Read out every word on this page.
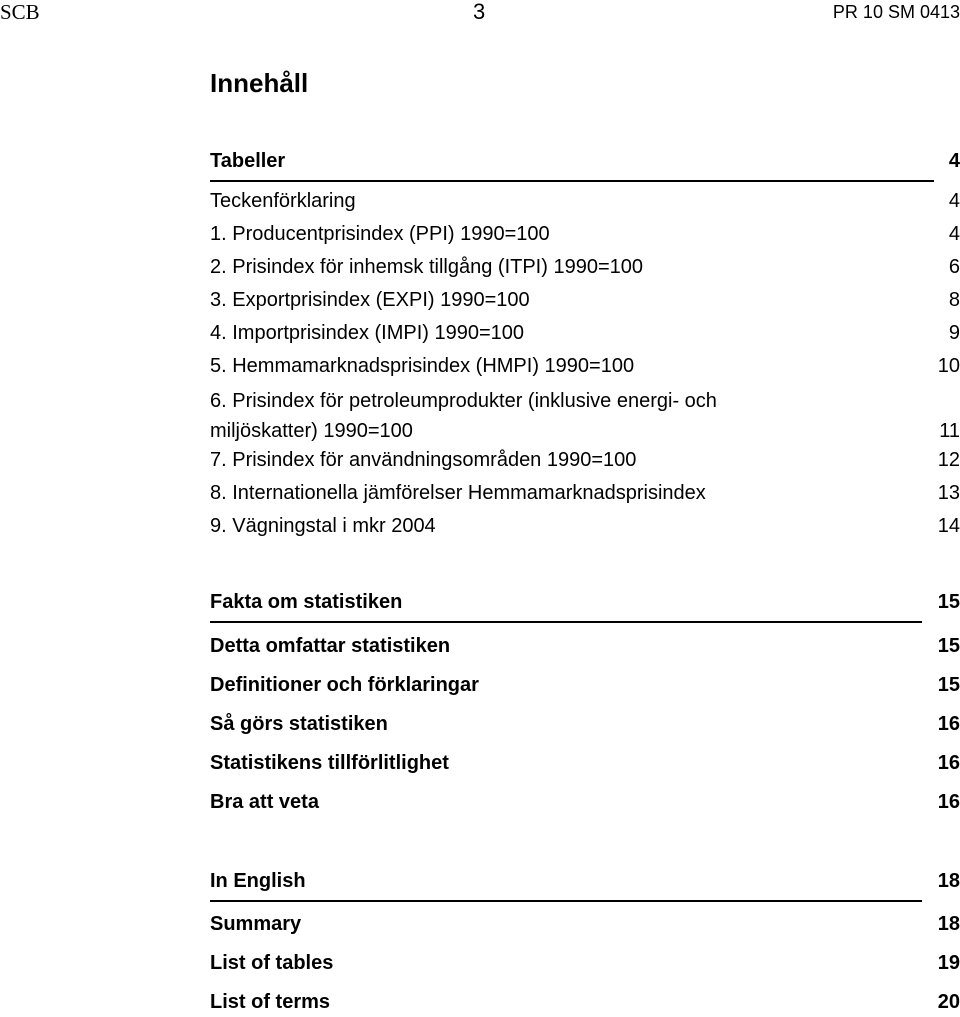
SCB	3	PR 10 SM 0413
Innehåll
Tabeller	4
Teckenförklaring	4
1. Producentprisindex (PPI) 1990=100	4
2. Prisindex för inhemsk tillgång (ITPI) 1990=100	6
3. Exportprisindex (EXPI) 1990=100	8
4. Importprisindex (IMPI) 1990=100	9
5. Hemmamarknadsprisindex (HMPI) 1990=100	10
6. Prisindex för petroleumprodukter (inklusive energi- och
miljöskatter) 1990=100	11
7. Prisindex för användningsområden 1990=100	12
8. Internationella jämförelser Hemmamarknadsprisindex	13
9. Vägningstal i mkr 2004	14
Fakta om statistiken	15
Detta omfattar statistiken	15
Definitioner och förklaringar	15
Så görs statistiken	16
Statistikens tillförlitlighet	16
Bra att veta	16
In English	18
Summary	18
List of tables	19
List of terms	20
